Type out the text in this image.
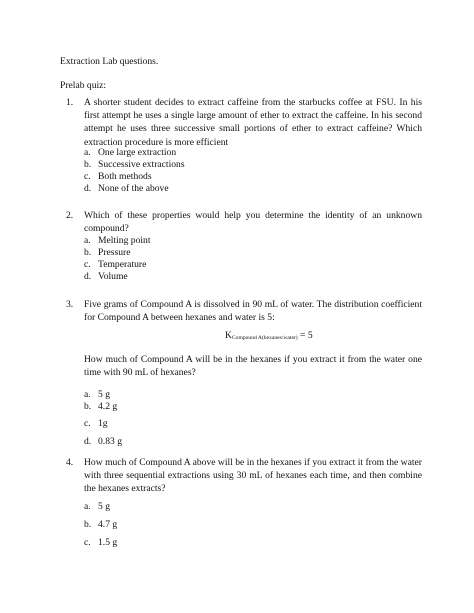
Extraction Lab questions.
Prelab quiz:
1. A shorter student decides to extract caffeine from the starbucks coffee at FSU. In his first attempt he uses a single large amount of ether to extract the caffeine. In his second attempt he uses three successive small portions of ether to extract caffeine? Which extraction procedure is more efficient
a. One large extraction
b. Successive extractions
c. Both methods
d. None of the above
2. Which of these properties would help you determine the identity of an unknown compound?
a. Melting point
b. Pressure
c. Temperature
d. Volume
3. Five grams of Compound A is dissolved in 90 mL of water. The distribution coefficient for Compound A between hexanes and water is 5:
$K_{Compound A(hexanes/water)} = 5$
How much of Compound A will be in the hexanes if you extract it from the water one time with 90 mL of hexanes?
a. 5 g
b. 4.2 g
c. 1g
d. 0.83 g
4. How much of Compound A above will be in the hexanes if you extract it from the water with three sequential extractions using 30 mL of hexanes each time, and then combine the hexanes extracts?
a. 5 g
b. 4.7 g
c. 1.5 g
